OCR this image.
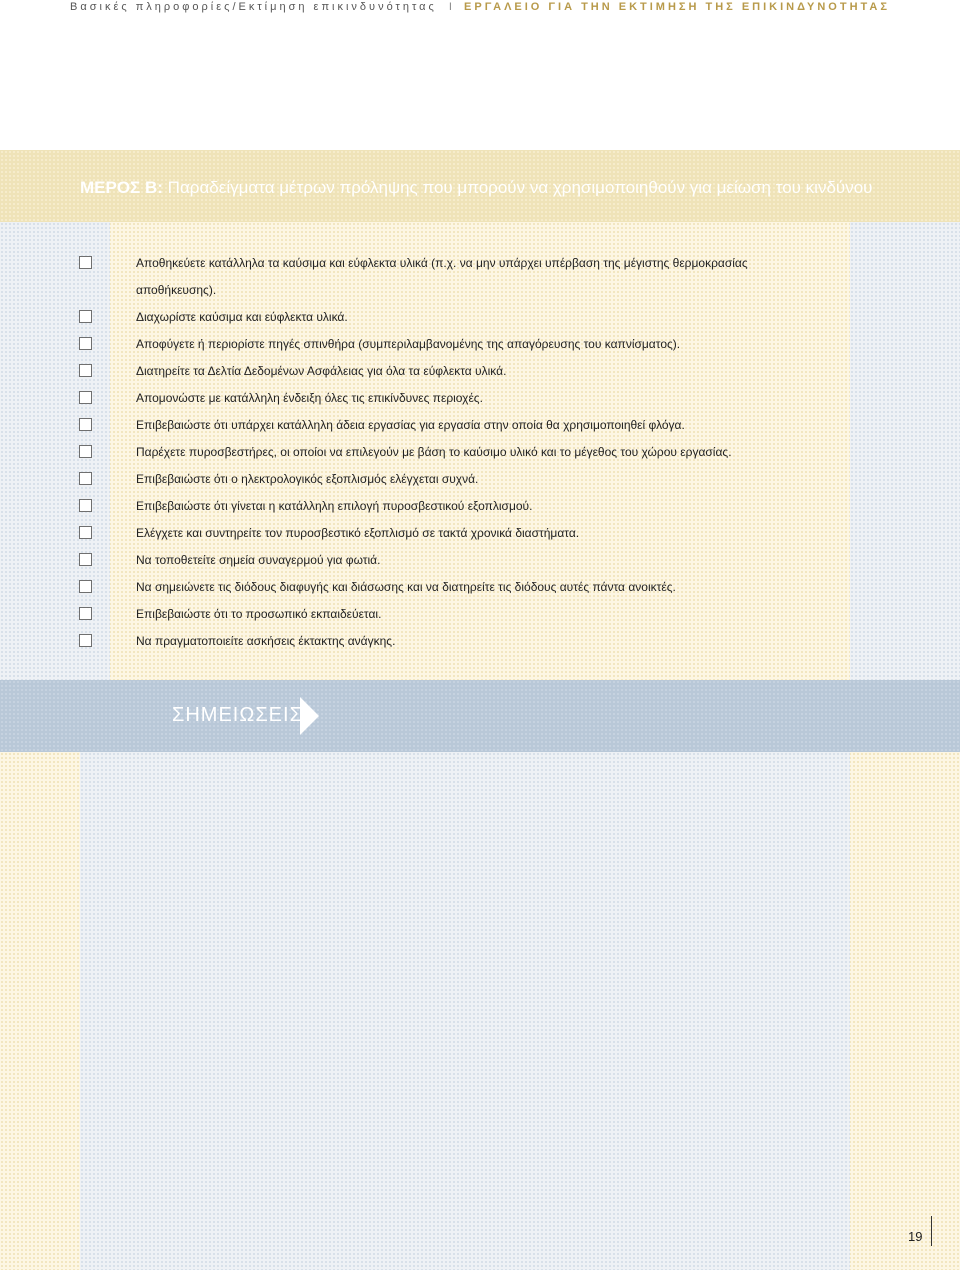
Βασικές πληροφορίες/Εκτίμηση επικινδυνότητας I ΕΡΓΑΛΕΙΟ ΓΙΑ ΤΗΝ ΕΚΤΙΜΗΣΗ ΤΗΣ ΕΠΙΚΙΝΔΥΝΟΤΗΤΑΣ
ΜΕΡΟΣ Β: Παραδείγματα μέτρων πρόληψης που μπορούν να χρησιμοποιηθούν για μείωση του κινδύνου
Αποθηκεύετε κατάλληλα τα καύσιμα και εύφλεκτα υλικά (π.χ. να μην υπάρχει υπέρβαση της μέγιστης θερμοκρασίας αποθήκευσης).
Διαχωρίστε καύσιμα και εύφλεκτα υλικά.
Αποφύγετε ή περιορίστε πηγές σπινθήρα (συμπεριλαμβανομένης της απαγόρευσης του καπνίσματος).
Διατηρείτε τα Δελτία Δεδομένων Ασφάλειας για όλα τα εύφλεκτα υλικά.
Απομονώστε με κατάλληλη ένδειξη όλες τις επικίνδυνες περιοχές.
Επιβεβαιώστε ότι υπάρχει κατάλληλη άδεια εργασίας για εργασία στην οποία θα χρησιμοποιηθεί φλόγα.
Παρέχετε πυροσβεστήρες, οι οποίοι να επιλεγούν με βάση το καύσιμο υλικό και το μέγεθος του χώρου εργασίας.
Επιβεβαιώστε ότι ο ηλεκτρολογικός εξοπλισμός ελέγχεται συχνά.
Επιβεβαιώστε ότι γίνεται η κατάλληλη επιλογή πυροσβεστικού εξοπλισμού.
Ελέγχετε και συντηρείτε τον πυροσβεστικό εξοπλισμό σε τακτά χρονικά διαστήματα.
Να τοποθετείτε σημεία συναγερμού για φωτιά.
Να σημειώνετε τις διόδους διαφυγής και διάσωσης και να διατηρείτε τις διόδους αυτές πάντα ανοικτές.
Επιβεβαιώστε ότι το προσωπικό εκπαιδεύεται.
Να πραγματοποιείτε ασκήσεις έκτακτης ανάγκης.
ΣΗΜΕΙΩΣΕΙΣ
19
